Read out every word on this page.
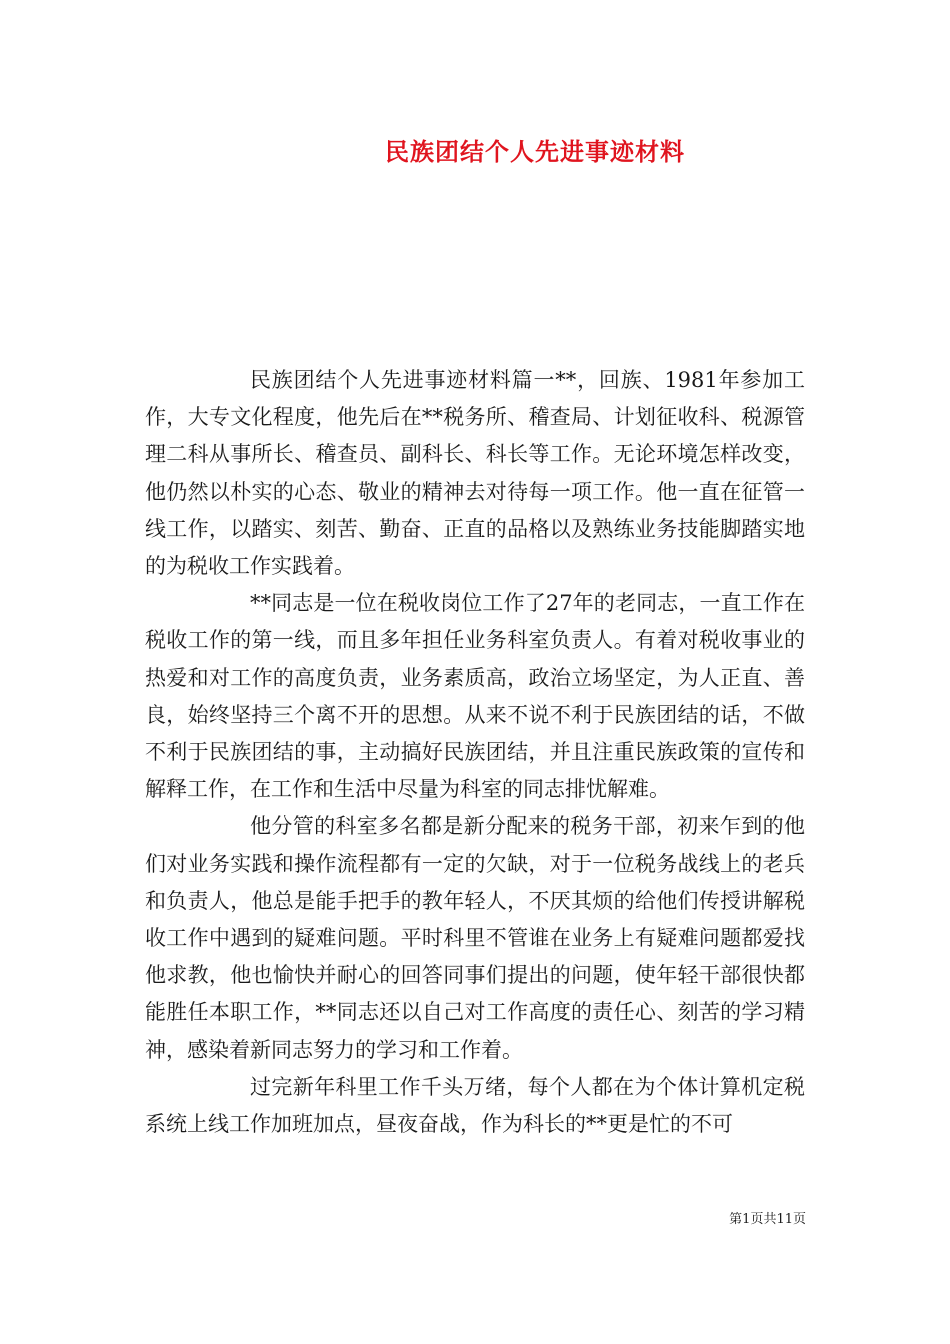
民族团结个人先进事迹材料

民族团结个人先进事迹材料篇一**，回族、1981年参加工作，大专文化程度，他先后在**税务所、稽查局、计划征收科、税源管理二科从事所长、稽查员、副科长、科长等工作。无论环境怎样改变，他仍然以朴实的心态、敬业的精神去对待每一项工作。他一直在征管一线工作，以踏实、刻苦、勤奋、正直的品格以及熟练业务技能脚踏实地的为税收工作实践着。

**同志是一位在税收岗位工作了27年的老同志，一直工作在税收工作的第一线，而且多年担任业务科室负责人。有着对税收事业的热爱和对工作的高度负责，业务素质高，政治立场坚定，为人正直、善良，始终坚持三个离不开的思想。从来不说不利于民族团结的话，不做不利于民族团结的事，主动搞好民族团结，并且注重民族政策的宣传和解释工作，在工作和生活中尽量为科室的同志排忧解难。

他分管的科室多名都是新分配来的税务干部，初来乍到的他们对业务实践和操作流程都有一定的欠缺，对于一位税务战线上的老兵和负责人，他总是能手把手的教年轻人，不厌其烦的给他们传授讲解税收工作中遇到的疑难问题。平时科里不管谁在业务上有疑难问题都爱找他求教，他也愉快并耐心的回答同事们提出的问题，使年轻干部很快都能胜任本职工作，**同志还以自己对工作高度的责任心、刻苦的学习精神，感染着新同志努力的学习和工作着。

过完新年科里工作千头万绪，每个人都在为个体计算机定税系统上线工作加班加点，昼夜奋战，作为科长的**更是忙的不可

第1页共11页
